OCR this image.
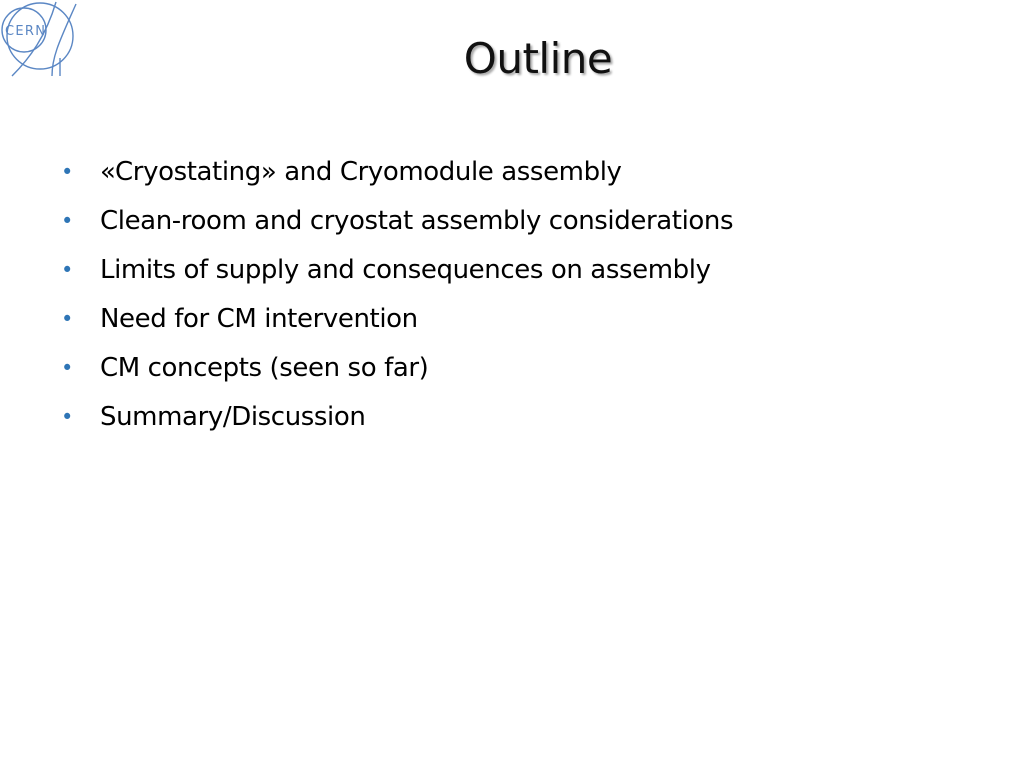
CERN
Outline
• «Cryostating» and Cryomodule assembly
• Clean-room and cryostat assembly considerations
• Limits of supply and consequences on assembly
• Need for CM intervention
• CM concepts (seen so far)
• Summary/Discussion
